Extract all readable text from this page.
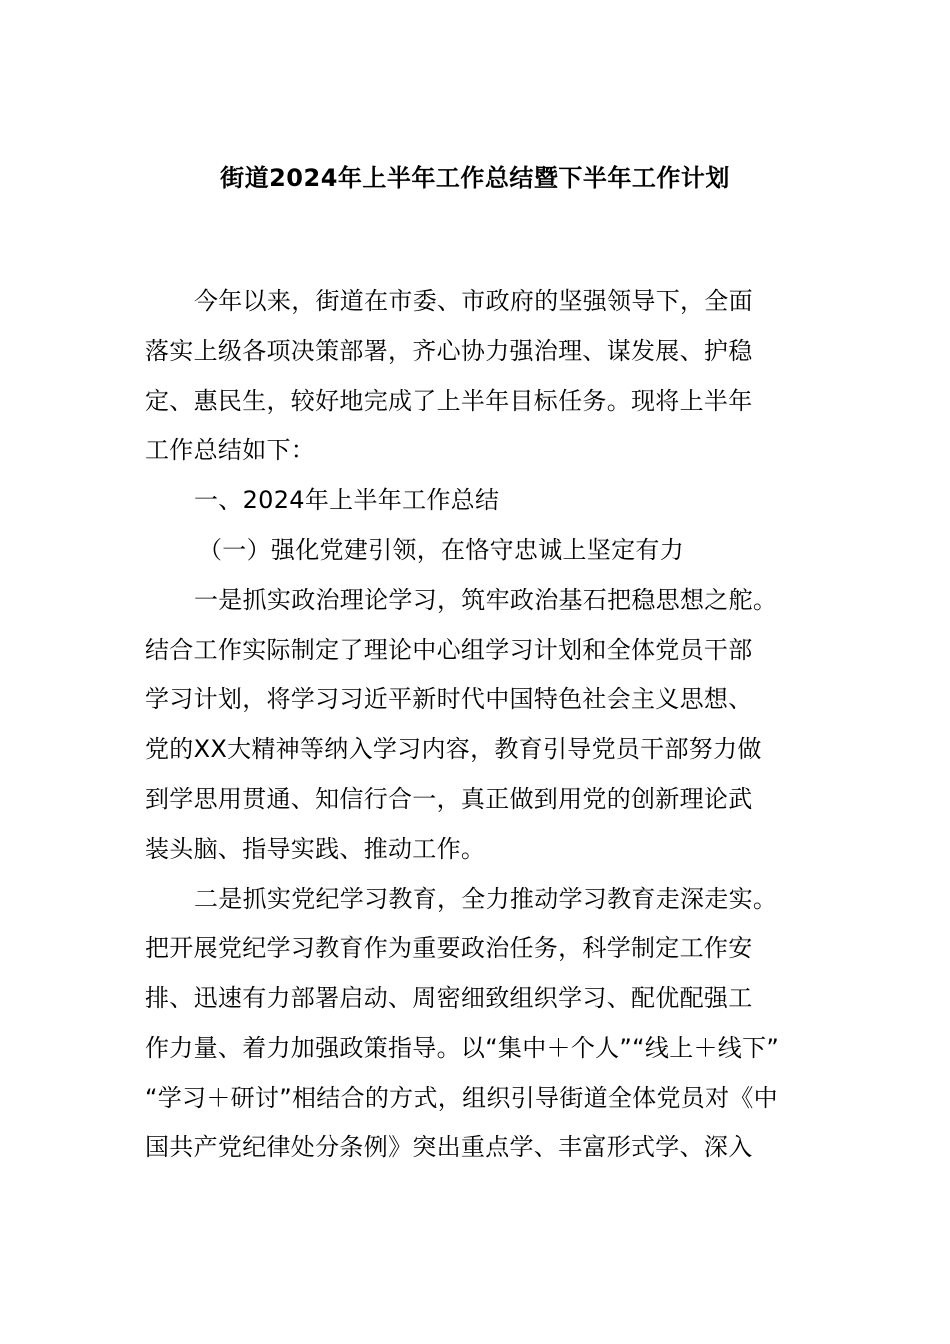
街道2024年上半年工作总结暨下半年工作计划
今年以来，街道在市委、市政府的坚强领导下，全面
落实上级各项决策部署，齐心协力强治理、谋发展、护稳
定、惠民生，较好地完成了上半年目标任务。现将上半年
工作总结如下：
一、2024年上半年工作总结
（一）强化党建引领，在恪守忠诚上坚定有力
一是抓实政治理论学习，筑牢政治基石把稳思想之舵。
结合工作实际制定了理论中心组学习计划和全体党员干部
学习计划，将学习习近平新时代中国特色社会主义思想、
党的XX大精神等纳入学习内容，教育引导党员干部努力做
到学思用贯通、知信行合一，真正做到用党的创新理论武
装头脑、指导实践、推动工作。
二是抓实党纪学习教育，全力推动学习教育走深走实。
把开展党纪学习教育作为重要政治任务，科学制定工作安
排、迅速有力部署启动、周密细致组织学习、配优配强工
作力量、着力加强政策指导。以“集中＋个人”“线上＋线下”
“学习＋研讨”相结合的方式，组织引导街道全体党员对《中
国共产党纪律处分条例》突出重点学、丰富形式学、深入
